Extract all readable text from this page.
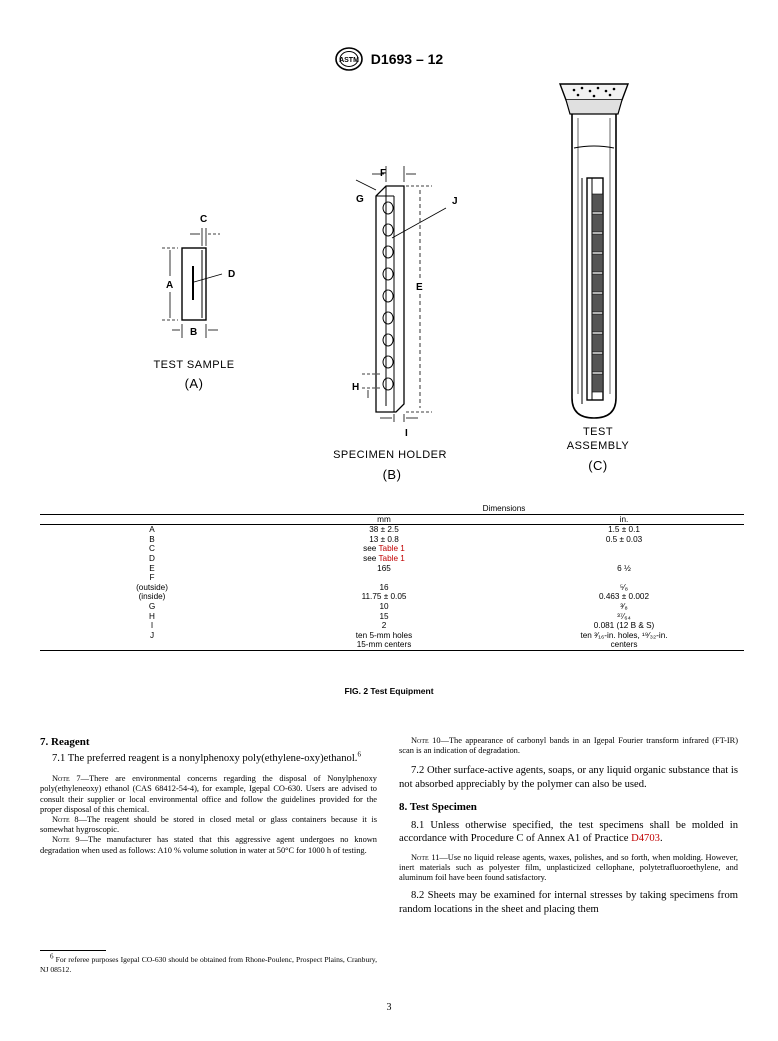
ASTM D1693 – 12
A
B
C
D
TEST SAMPLE
(A)
E
F
G
H
I
J
SPECIMEN HOLDER
(B)
TEST
ASSEMBLY
(C)
	Dimensions	
	mm	in.
A	38 ± 2.5	1.5 ± 0.1
B	13 ± 0.8	0.5 ± 0.03
C	see Table 1	
D	see Table 1	
E	165	6 ½
F		
(outside)	16	⁵⁄₈
(inside)	11.75 ± 0.05	0.463 ± 0.002
G	10	³⁄₈
H	15	³⁷⁄₆₄
I	2	0.081 (12 B & S)
J	ten 5-mm holes	ten ³⁄₁₆-in. holes, ¹⁹⁄₃₂-in.
	15-mm centers	centers
FIG. 2 Test Equipment

7. Reagent

7.1 The preferred reagent is a nonylphenoxy poly(ethylene-oxy)ethanol.$^6$

Note 7—There are environmental concerns regarding the disposal of Nonylphenoxy poly(ethyleneoxy) ethanol (CAS 68412-54-4), for example, Igepal CO-630. Users are advised to consult their supplier or local environmental office and follow the guidelines provided for the proper disposal of this chemical.

Note 8—The reagent should be stored in closed metal or glass containers because it is somewhat hygroscopic.

Note 9—The manufacturer has stated that this aggressive agent undergoes no known degradation when used as follows: A10 % volume solution in water at 50°C for 1000 h of testing.

$^6$ For referee purposes Igepal CO-630 should be obtained from Rhone-Poulenc, Prospect Plains, Cranbury, NJ 08512.

Note 10—The appearance of carbonyl bands in an Igepal Fourier transform infrared (FT-IR) scan is an indication of degradation.

7.2 Other surface-active agents, soaps, or any liquid organic substance that is not absorbed appreciably by the polymer can also be used.

8. Test Specimen

8.1 Unless otherwise specified, the test specimens shall be molded in accordance with Procedure C of Annex A1 of Practice D4703.

Note 11—Use no liquid release agents, waxes, polishes, and so forth, when molding. However, inert materials such as polyester film, unplasticized cellophane, polytetrafluoroethylene, and aluminum foil have been found satisfactory.

8.2 Sheets may be examined for internal stresses by taking specimens from random locations in the sheet and placing them

3
